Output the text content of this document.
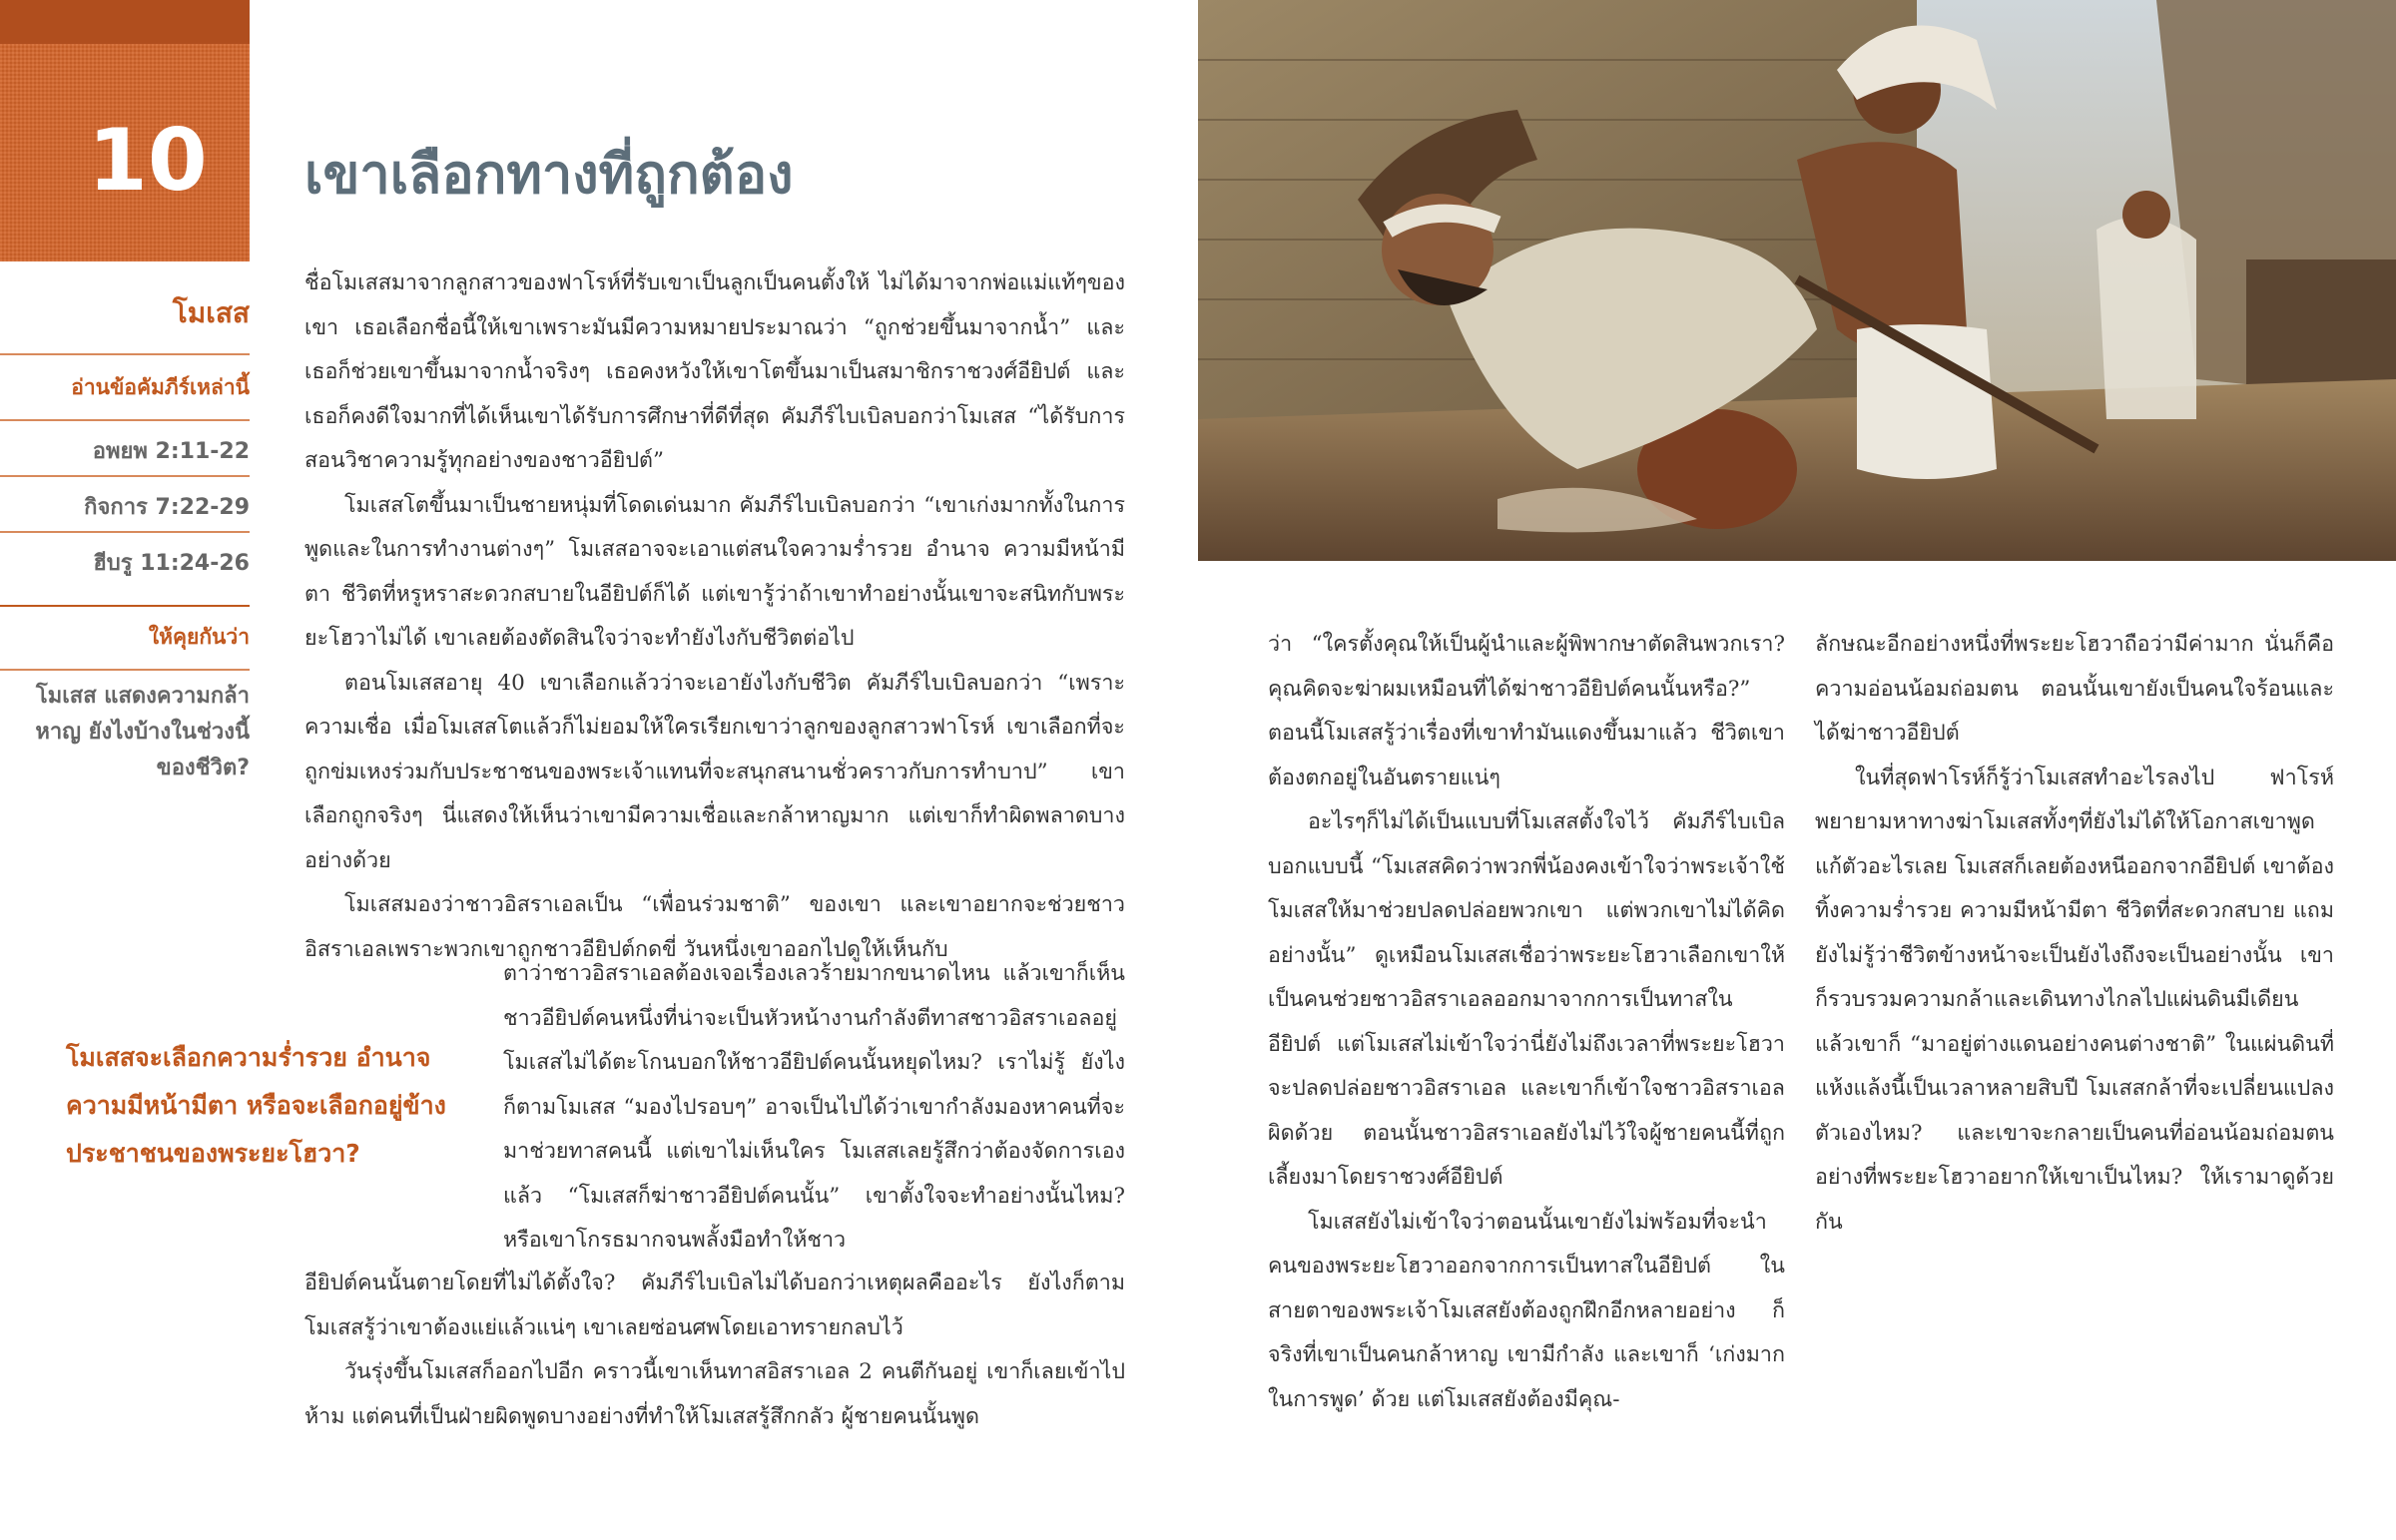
10
โมเสส
อ่านข้อคัมภีร์เหล่านี้
อพยพ 2:11-22
กิจการ 7:22-29
ฮีบรู 11:24-26
ให้คุยกันว่า
โมเสส แสดงความกล้าหาญ ยังไงบ้างในช่วงนี้ ของชีวิต?
เขาเลือกทางที่ถูกต้อง

ชื่อโมเสสมาจากลูกสาวของฟาโรห์ที่รับเขาเป็นลูกเป็นคนตั้งให้ ไม่ได้มาจากพ่อแม่แท้ๆของเขา เธอเลือกชื่อนี้ให้เขาเพราะมันมีความหมายประมาณว่า “ถูกช่วยขึ้นมาจากน้ำ” และเธอก็ช่วยเขาขึ้นมาจากน้ำจริงๆ เธอคงหวังให้เขาโตขึ้นมาเป็นสมาชิกราชวงศ์อียิปต์ และเธอก็คงดีใจมากที่ได้เห็นเขาได้รับการศึกษาที่ดีที่สุด คัมภีร์ไบเบิลบอกว่าโมเสส “ได้รับการสอนวิชาความรู้ทุกอย่างของชาวอียิปต์”

โมเสสโตขึ้นมาเป็นชายหนุ่มที่โดดเด่นมาก คัมภีร์ไบเบิลบอกว่า “เขาเก่งมากทั้งในการพูดและในการทำงานต่างๆ” โมเสสอาจจะเอาแต่สนใจความร่ำรวย อำนาจ ความมีหน้ามีตา ชีวิตที่หรูหราสะดวกสบายในอียิปต์ก็ได้ แต่เขารู้ว่าถ้าเขาทำอย่างนั้นเขาจะสนิทกับพระยะโฮวาไม่ได้ เขาเลยต้องตัดสินใจว่าจะทำยังไงกับชีวิตต่อไป

ตอนโมเสสอายุ 40 เขาเลือกแล้วว่าจะเอายังไงกับชีวิต คัมภีร์ไบเบิลบอกว่า “เพราะความเชื่อ เมื่อโมเสสโตแล้วก็ไม่ยอมให้ใครเรียกเขาว่าลูกของลูกสาวฟาโรห์ เขาเลือกที่จะถูกข่มเหงร่วมกับประชาชนของพระเจ้าแทนที่จะสนุกสนานชั่วคราวกับการทำบาป” เขาเลือกถูกจริงๆ นี่แสดงให้เห็นว่าเขามีความเชื่อและกล้าหาญมาก แต่เขาก็ทำผิดพลาดบางอย่างด้วย

โมเสสมองว่าชาวอิสราเอลเป็น “เพื่อนร่วมชาติ” ของเขา และเขาอยากจะช่วยชาวอิสราเอลเพราะพวกเขาถูกชาวอียิปต์กดขี่ วันหนึ่งเขาออกไปดูให้เห็นกับ

ตาว่าชาวอิสราเอลต้องเจอเรื่องเลวร้ายมากขนาดไหน แล้วเขาก็เห็นชาวอียิปต์คนหนึ่งที่น่าจะเป็นหัวหน้างานกำลังตีทาสชาวอิสราเอลอยู่ โมเสสไม่ได้ตะโกนบอกให้ชาวอียิปต์คนนั้นหยุดไหม? เราไม่รู้ ยังไงก็ตามโมเสส “มองไปรอบๆ” อาจเป็นไปได้ว่าเขากำลังมองหาคนที่จะมาช่วยทาสคนนี้ แต่เขาไม่เห็นใคร โมเสสเลยรู้สึกว่าต้องจัดการเอง แล้ว “โมเสสก็ฆ่าชาวอียิปต์คนนั้น” เขาตั้งใจจะทำอย่างนั้นไหม? หรือเขาโกรธมากจนพลั้งมือทำให้ชาว

อียิปต์คนนั้นตายโดยที่ไม่ได้ตั้งใจ? คัมภีร์ไบเบิลไม่ได้บอกว่าเหตุผลคืออะไร ยังไงก็ตาม โมเสสรู้ว่าเขาต้องแย่แล้วแน่ๆ เขาเลยซ่อนศพโดยเอาทรายกลบไว้

วันรุ่งขึ้นโมเสสก็ออกไปอีก คราวนี้เขาเห็นทาสอิสราเอล 2 คนตีกันอยู่ เขาก็เลยเข้าไปห้าม แต่คนที่เป็นฝ่ายผิดพูดบางอย่างที่ทำให้โมเสสรู้สึกกลัว ผู้ชายคนนั้นพูด

โมเสสจะเลือกความร่ำรวย อำนาจ ความมีหน้ามีตา หรือจะเลือกอยู่ข้าง ประชาชนของพระยะโฮวา?

ว่า “ใครตั้งคุณให้เป็นผู้นำและผู้พิพากษาตัดสินพวกเรา? คุณคิดจะฆ่าผมเหมือนที่ได้ฆ่าชาวอียิปต์คนนั้นหรือ?” ตอนนี้โมเสสรู้ว่าเรื่องที่เขาทำมันแดงขึ้นมาแล้ว ชีวิตเขาต้องตกอยู่ในอันตรายแน่ๆ

อะไรๆก็ไม่ได้เป็นแบบที่โมเสสตั้งใจไว้ คัมภีร์ไบเบิลบอกแบบนี้ “โมเสสคิดว่าพวกพี่น้องคงเข้าใจว่าพระเจ้าใช้โมเสสให้มาช่วยปลดปล่อยพวกเขา แต่พวกเขาไม่ได้คิดอย่างนั้น” ดูเหมือนโมเสสเชื่อว่าพระยะโฮวาเลือกเขาให้เป็นคนช่วยชาวอิสราเอลออกมาจากการเป็นทาสในอียิปต์ แต่โมเสสไม่เข้าใจว่านี่ยังไม่ถึงเวลาที่พระยะโฮวาจะปลดปล่อยชาวอิสราเอล และเขาก็เข้าใจชาวอิสราเอลผิดด้วย ตอนนั้นชาวอิสราเอลยังไม่ไว้ใจผู้ชายคนนี้ที่ถูกเลี้ยงมาโดยราชวงศ์อียิปต์

โมเสสยังไม่เข้าใจว่าตอนนั้นเขายังไม่พร้อมที่จะนำคนของพระยะโฮวาออกจากการเป็นทาสในอียิปต์ ในสายตาของพระเจ้าโมเสสยังต้องถูกฝึกอีกหลายอย่าง ก็จริงที่เขาเป็นคนกล้าหาญ เขามีกำลัง และเขาก็ ‘เก่งมากในการพูด’ ด้วย แต่โมเสสยังต้องมีคุณ-

ลักษณะอีกอย่างหนึ่งที่พระยะโฮวาถือว่ามีค่ามาก นั่นก็คือความอ่อนน้อมถ่อมตน ตอนนั้นเขายังเป็นคนใจร้อนและได้ฆ่าชาวอียิปต์

ในที่สุดฟาโรห์ก็รู้ว่าโมเสสทำอะไรลงไป ฟาโรห์พยายามหาทางฆ่าโมเสสทั้งๆที่ยังไม่ได้ให้โอกาสเขาพูดแก้ตัวอะไรเลย โมเสสก็เลยต้องหนีออกจากอียิปต์ เขาต้องทิ้งความร่ำรวย ความมีหน้ามีตา ชีวิตที่สะดวกสบาย แถมยังไม่รู้ว่าชีวิตข้างหน้าจะเป็นยังไงถึงจะเป็นอย่างนั้น เขาก็รวบรวมความกล้าและเดินทางไกลไปแผ่นดินมีเดียน แล้วเขาก็ “มาอยู่ต่างแดนอย่างคนต่างชาติ” ในแผ่นดินที่แห้งแล้งนี้เป็นเวลาหลายสิบปี โมเสสกล้าที่จะเปลี่ยนแปลงตัวเองไหม? และเขาจะกลายเป็นคนที่อ่อนน้อมถ่อมตนอย่างที่พระยะโฮวาอยากให้เขาเป็นไหม? ให้เรามาดูด้วยกัน
